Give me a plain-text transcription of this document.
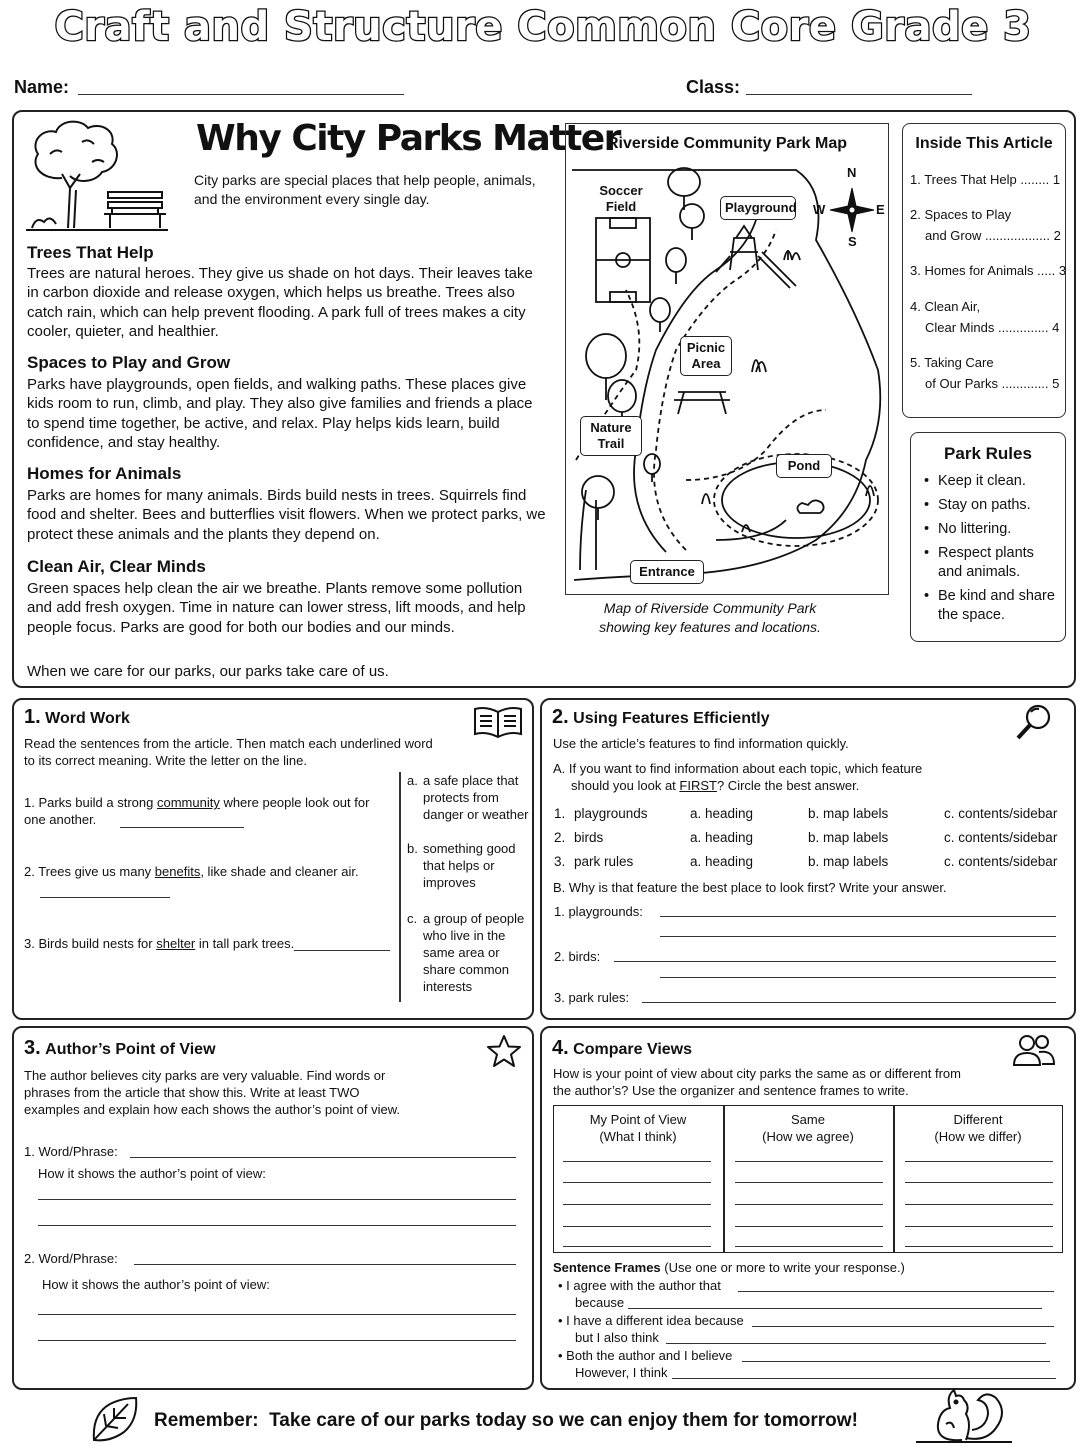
Craft and Structure Common Core Grade 3
Name:	Class:
Why City Parks Matter
City parks are special places that help people, animals, and the environment every single day.
Trees That Help
Trees are natural heroes. They give us shade on hot days. Their leaves take in carbon dioxide and release oxygen, which helps us breathe. Trees also catch rain, which can help prevent flooding. A park full of trees makes a city cooler, quieter, and healthier.
Spaces to Play and Grow
Parks have playgrounds, open fields, and walking paths. These places give kids room to run, climb, and play. They also give families and friends a place to spend time together, be active, and relax. Play helps kids learn, build confidence, and stay healthy.
Homes for Animals
Parks are homes for many animals. Birds build nests in trees. Squirrels find food and shelter. Bees and butterflies visit flowers. When we protect parks, we protect these animals and the plants they depend on.
Clean Air, Clear Minds
Green spaces help clean the air we breathe. Plants remove some pollution and add fresh oxygen. Time in nature can lower stress, lift moods, and help people focus. Parks are good for both our bodies and our minds.
When we care for our parks, our parks take care of us.
Riverside Community Park Map
N
S
E
W
Soccer Field	Playground
Picnic Area
Nature Trail
Pond
Entrance
Map of Riverside Community Park
showing key features and locations.
Inside This Article
1. Trees That Help ........ 1
2. Spaces to Play
and Grow .................. 2
3. Homes for Animals ..... 3
4. Clean Air,
Clear Minds .............. 4
5. Taking Care
of Our Parks ............. 5
Park Rules
• Keep it clean.
• Stay on paths.
• No littering.
• Respect plants and animals.
• Be kind and share the space.
1. Word Work
Read the sentences from the article. Then match each underlined word to its correct meaning. Write the letter on the line.
1. Parks build a strong community where people look out for one another.
2. Trees give us many benefits, like shade and cleaner air.
3. Birds build nests for shelter in tall park trees.
a. a safe place that protects from danger or weather
b. something good that helps or improves
c. a group of people who live in the same area or share common interests
2. Using Features Efficiently
Use the article’s features to find information quickly.
A. If you want to find information about each topic, which feature
should you look at FIRST? Circle the best answer.
1. playgrounds	a. heading	b. map labels	c. contents/sidebar
2. birds	a. heading	b. map labels	c. contents/sidebar
3. park rules	a. heading	b. map labels	c. contents/sidebar
B. Why is that feature the best place to look first? Write your answer.
1. playgrounds:
2. birds:
3. park rules:
3. Author’s Point of View
The author believes city parks are very valuable. Find words or phrases from the article that show this. Write at least TWO examples and explain how each shows the author’s point of view.
1. Word/Phrase:
How it shows the author’s point of view:
2. Word/Phrase:
How it shows the author’s point of view:
4. Compare Views
How is your point of view about city parks the same as or different from the author’s? Use the organizer and sentence frames to write.
My Point of View
(What I think)
Same
(How we agree)
Different
(How we differ)
Sentence Frames (Use one or more to write your response.)
• I agree with the author that
because
• I have a different idea because
but I also think
• Both the author and I believe
However, I think
Remember: Take care of our parks today so we can enjoy them for tomorrow!
